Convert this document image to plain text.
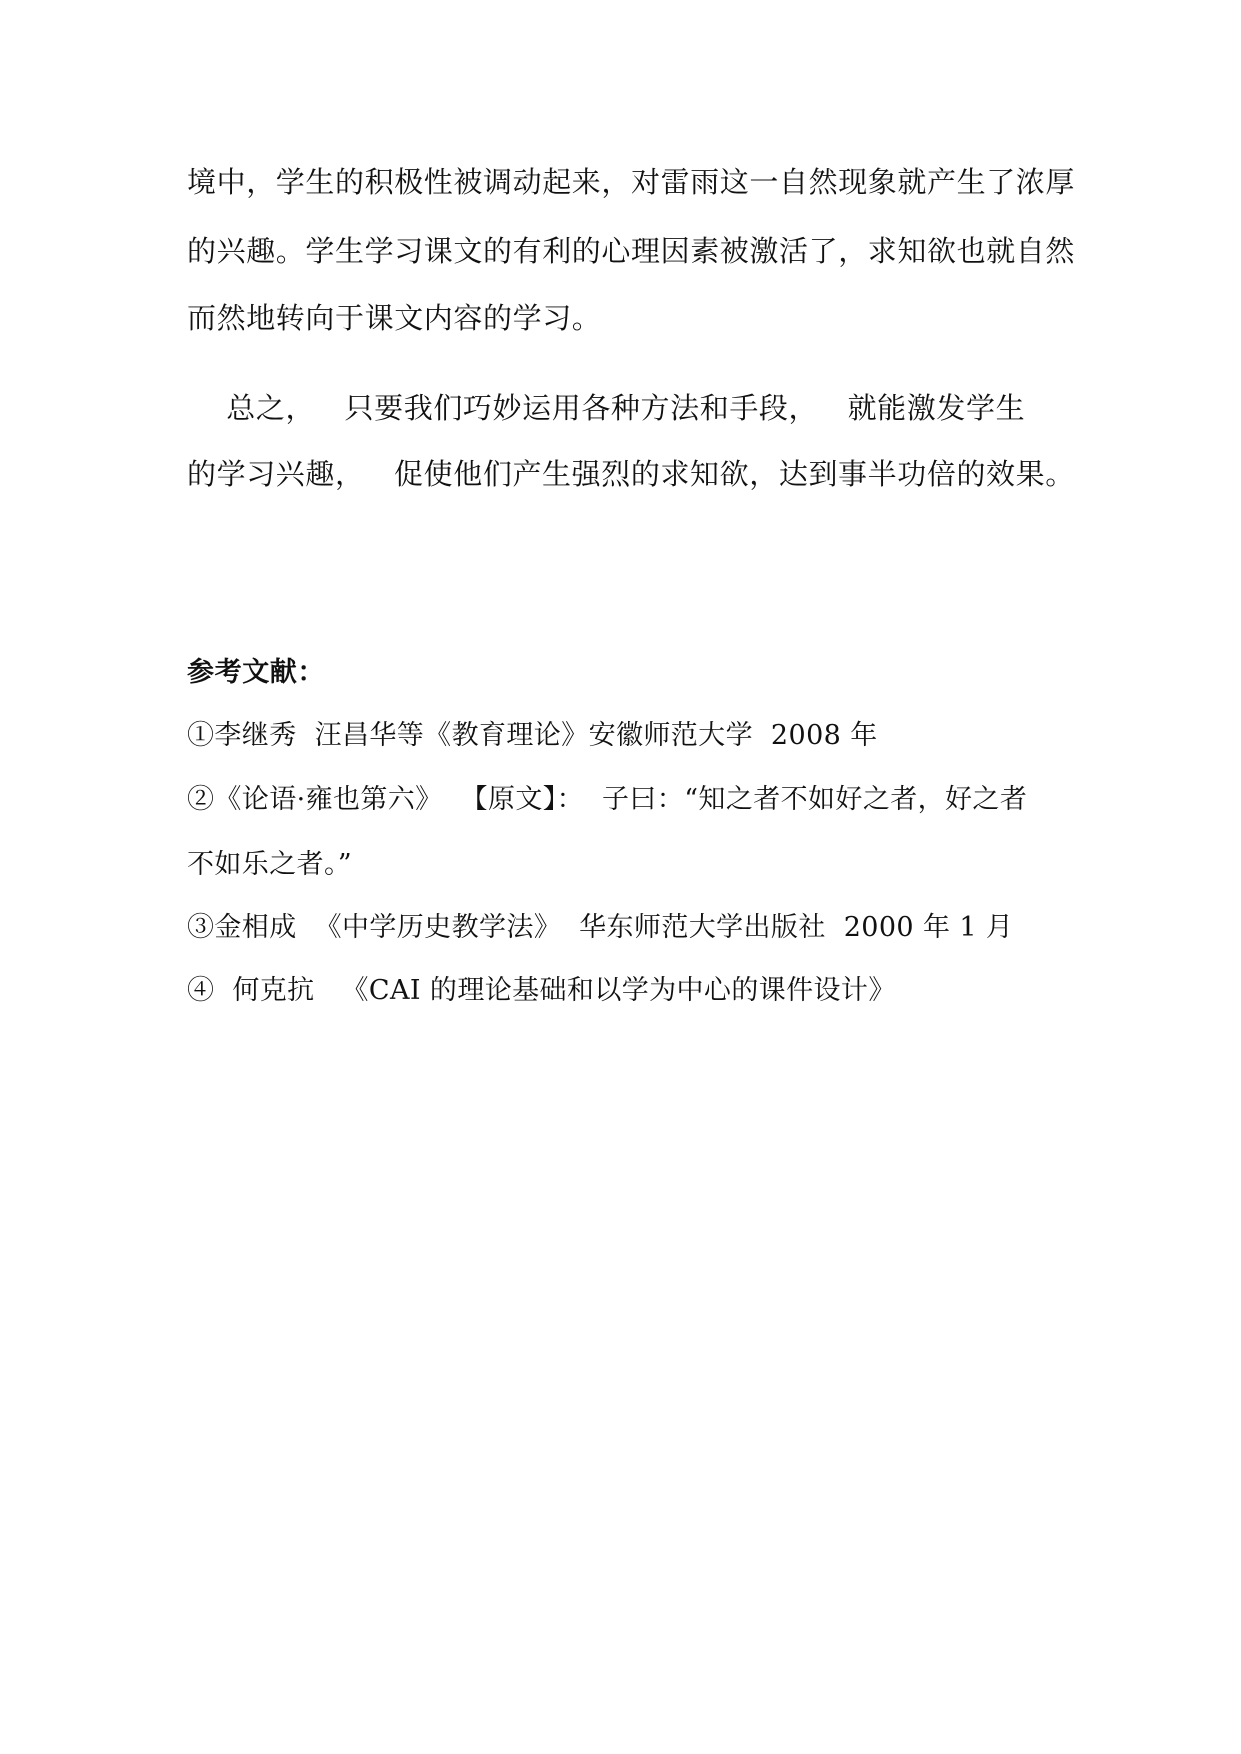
境中，学生的积极性被调动起来，对雷雨这一自然现象就产生了浓厚
的兴趣。学生学习课文的有利的心理因素被激活了，求知欲也就自然
而然地转向于课文内容的学习。
总之，   只要我们巧妙运用各种方法和手段，   就能激发学生
的学习兴趣，   促使他们产生强烈的求知欲，达到事半功倍的效果。
参考文献：
①李继秀  汪昌华等《教育理论》安徽师范大学  2008 年
②《论语·雍也第六》  【原文】：  子曰：“知之者不如好之者，好之者
不如乐之者。”
③金相成  《中学历史教学法》  华东师范大学出版社  2000 年 1 月
④  何克抗   《CAI 的理论基础和以学为中心的课件设计》
